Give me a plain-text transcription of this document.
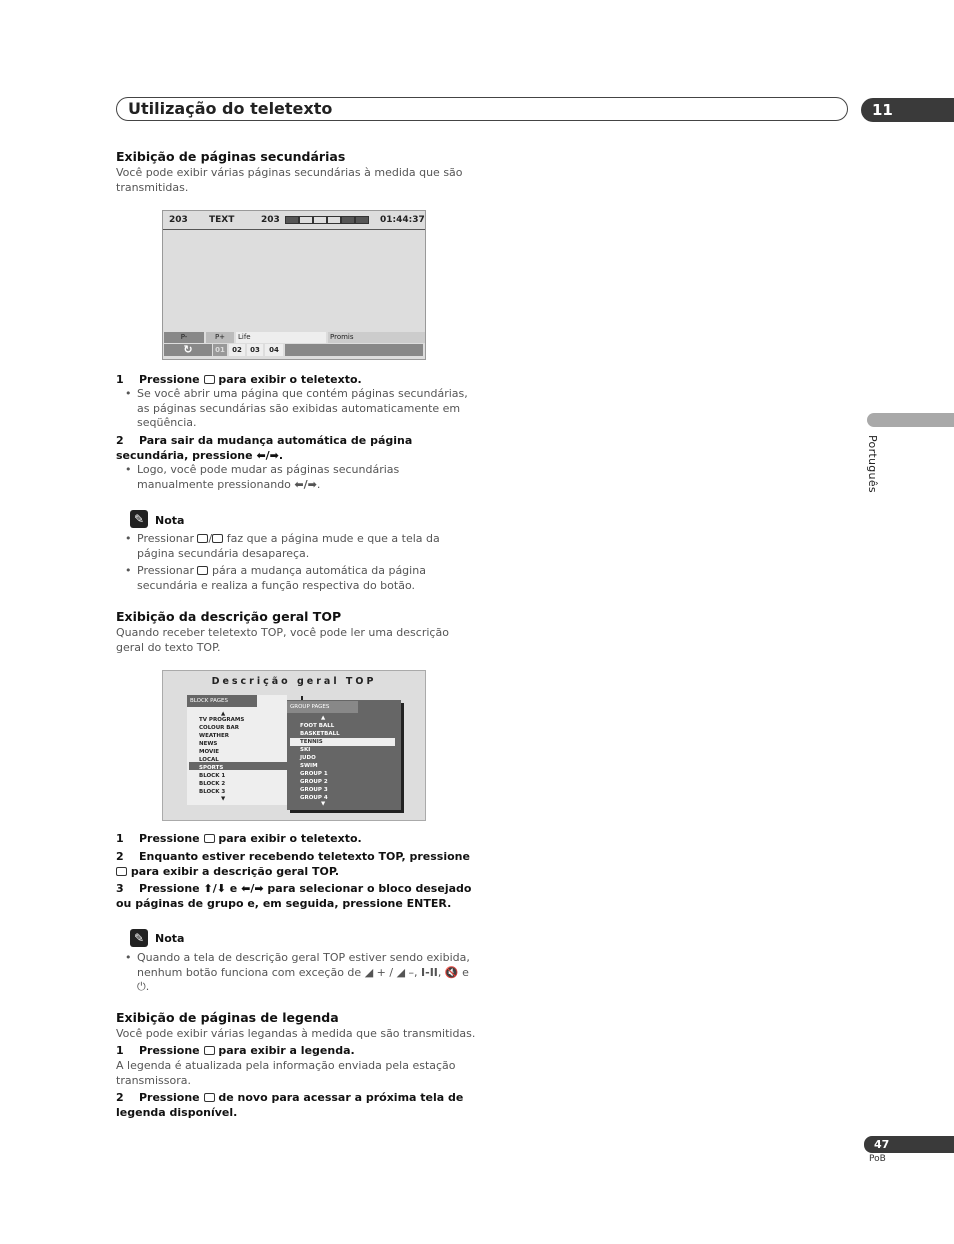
Utilização do teletexto	11
Português
Exibição de páginas secundárias
Você pode exibir várias páginas secundárias à medida que são transmitidas.
203 TEXT	203	01:44:37
P-	P+	Life	Promis
↻	01	02	03	04
1 Pressione para exibir o teletexto.
• Se você abrir uma página que contém páginas secundárias, as páginas secundárias são exibidas automaticamente em seqüência.
2 Para sair da mudança automática de página secundária, pressione ⬅/➡.
• Logo, você pode mudar as páginas secundárias manualmente pressionando ⬅/➡.
✎ Nota
• Pressionar / faz que a página mude e que a tela da página secundária desapareça.
• Pressionar pára a mudança automática da página secundária e realiza a função respectiva do botão.
Exibição da descrição geral TOP
Quando receber teletexto TOP, você pode ler uma descrição geral do texto TOP.
Descrição geral TOP
BLOCK PAGES
▲
TV PROGRAMS
COLOUR BAR
WEATHER
NEWS
MOVIE
LOCAL
SPORTS
BLOCK 1
BLOCK 2
BLOCK 3
▼
GROUP PAGES
▲
FOOT BALL
BASKETBALL
TENNIS
SKI
JUDO
SWIM
GROUP 1
GROUP 2
GROUP 3
GROUP 4
▼
1 Pressione para exibir o teletexto.
2 Enquanto estiver recebendo teletexto TOP, pressione  para exibir a descrição geral TOP.
3 Pressione ⬆/⬇ e ⬅/➡ para selecionar o bloco desejado ou páginas de grupo e, em seguida, pressione ENTER.
✎ Nota
• Quando a tela de descrição geral TOP estiver sendo exibida, nenhum botão funciona com exceção de ◢ + / ◢ –, I-II, 🔇 e ⏻.
Exibição de páginas de legenda
Você pode exibir várias legandas à medida que são transmitidas.
1 Pressione para exibir a legenda.
A legenda é atualizada pela informação enviada pela estação transmissora.
2 Pressione de novo para acessar a próxima tela de legenda disponível.
47
PoB
